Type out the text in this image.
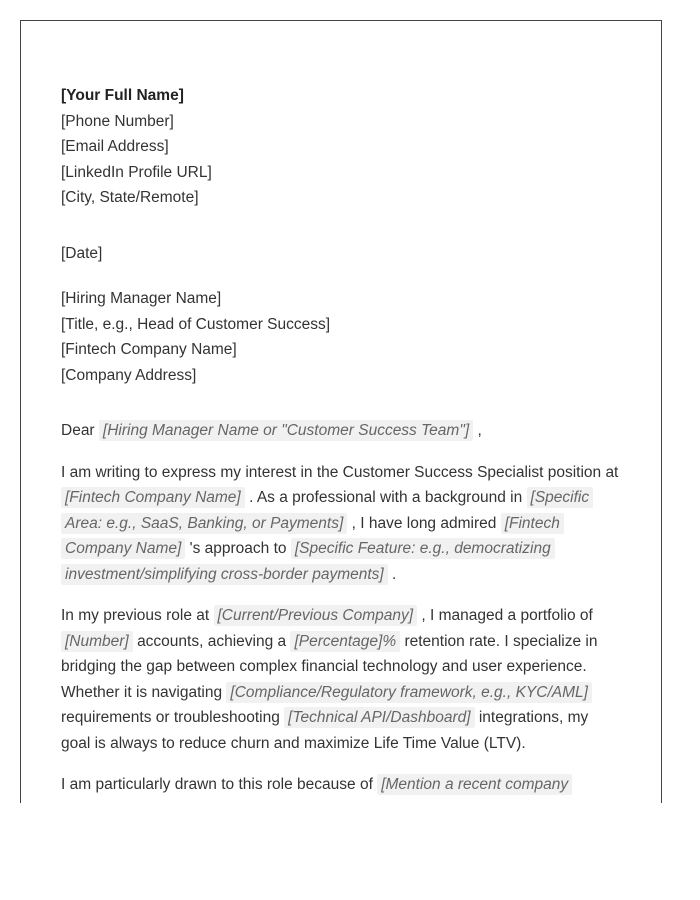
[Your Full Name]
[Phone Number]
[Email Address]
[LinkedIn Profile URL]
[City, State/Remote]
[Date]
[Hiring Manager Name]
[Title, e.g., Head of Customer Success]
[Fintech Company Name]
[Company Address]

Dear [Hiring Manager Name or "Customer Success Team"] ,

I am writing to express my interest in the Customer Success Specialist position at [Fintech Company Name] . As a professional with a background in [Specific Area: e.g., SaaS, Banking, or Payments] , I have long admired [Fintech Company Name] 's approach to [Specific Feature: e.g., democratizing investment/simplifying cross-border payments] .

In my previous role at [Current/Previous Company] , I managed a portfolio of [Number] accounts, achieving a [Percentage]% retention rate. I specialize in bridging the gap between complex financial technology and user experience. Whether it is navigating [Compliance/Regulatory framework, e.g., KYC/AML] requirements or troubleshooting [Technical API/Dashboard] integrations, my goal is always to reduce churn and maximize Life Time Value (LTV).

I am particularly drawn to this role because of [Mention a recent company
